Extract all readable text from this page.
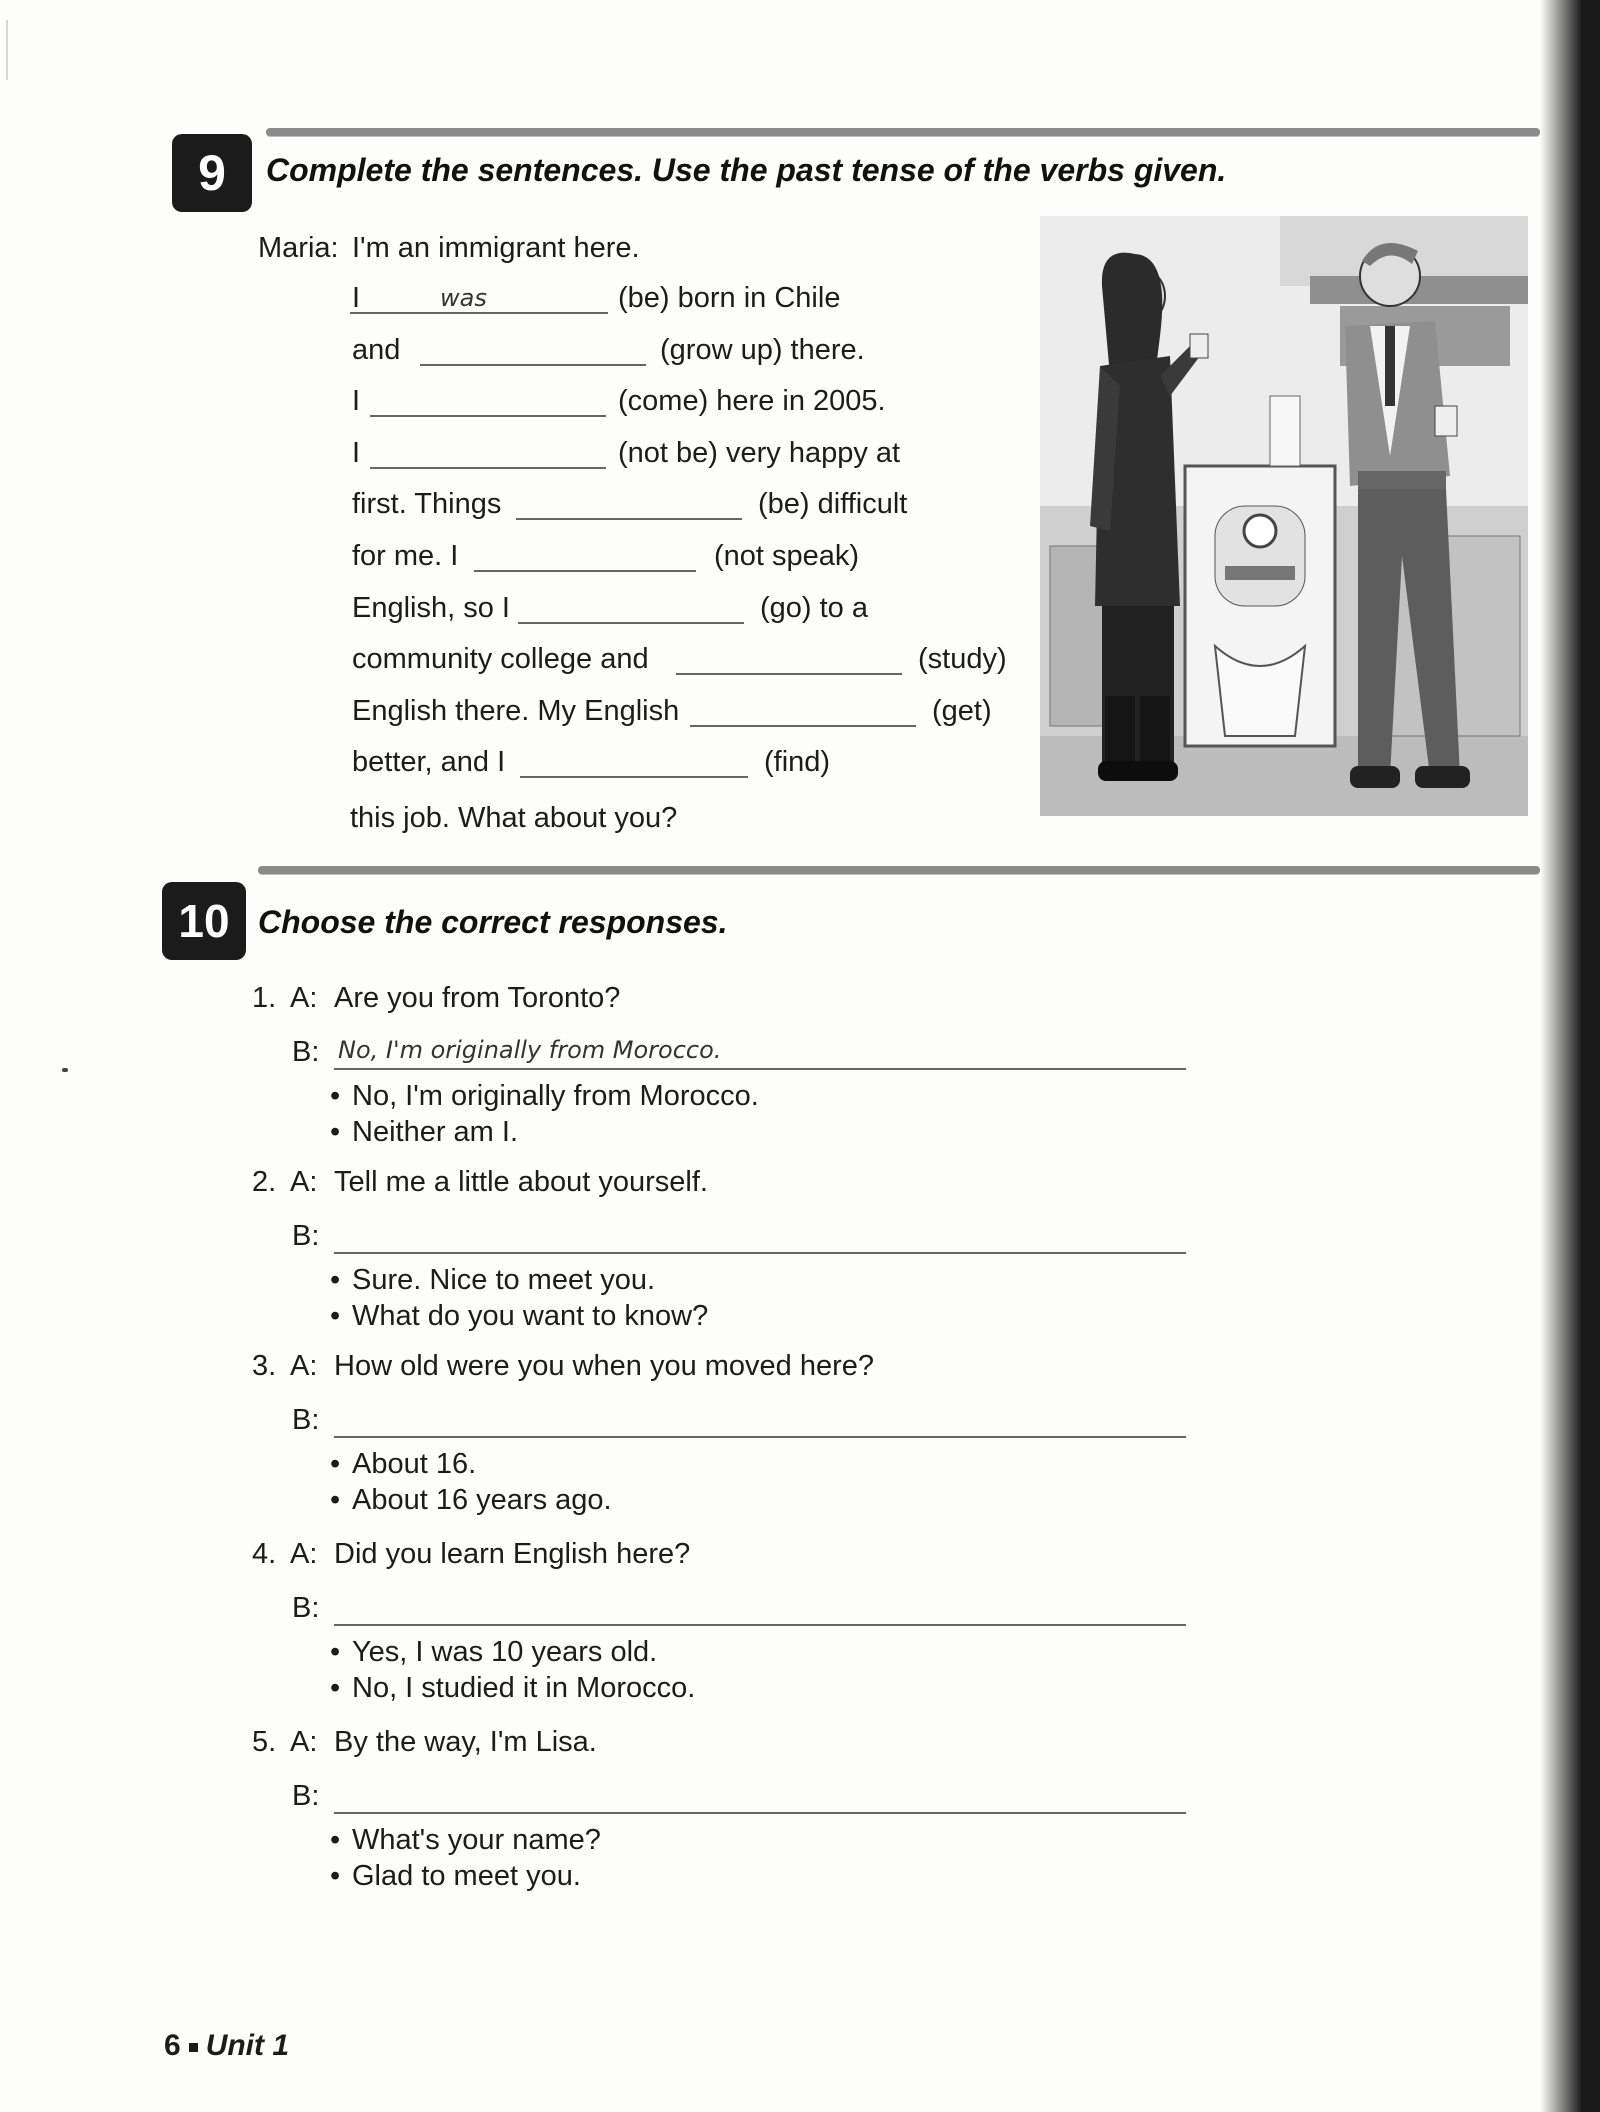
9	Complete the sentences. Use the past tense of the verbs given.
Maria: I'm an immigrant here.
I	was	(be) born in Chile
and	(grow up) there.
I	(come) here in 2005.
I	(not be) very happy at
first. Things	(be) difficult
for me. I	(not speak)
English, so I	(go) to a
community college and	(study)
English there. My English	(get)
better, and I	(find)
this job. What about you?
10 Choose the correct responses.
1. A: Are you from Toronto?
B: No, I'm originally from Morocco.
• No, I'm originally from Morocco.
• Neither am I.
2. A: Tell me a little about yourself.
B:
• Sure. Nice to meet you.
• What do you want to know?
3. A: How old were you when you moved here?
B:
• About 16.
• About 16 years ago.
4. A: Did you learn English here?
B:
• Yes, I was 10 years old.
• No, I studied it in Morocco.
5. A: By the way, I'm Lisa.
B:
• What's your name?
• Glad to meet you.
6 Unit 1
